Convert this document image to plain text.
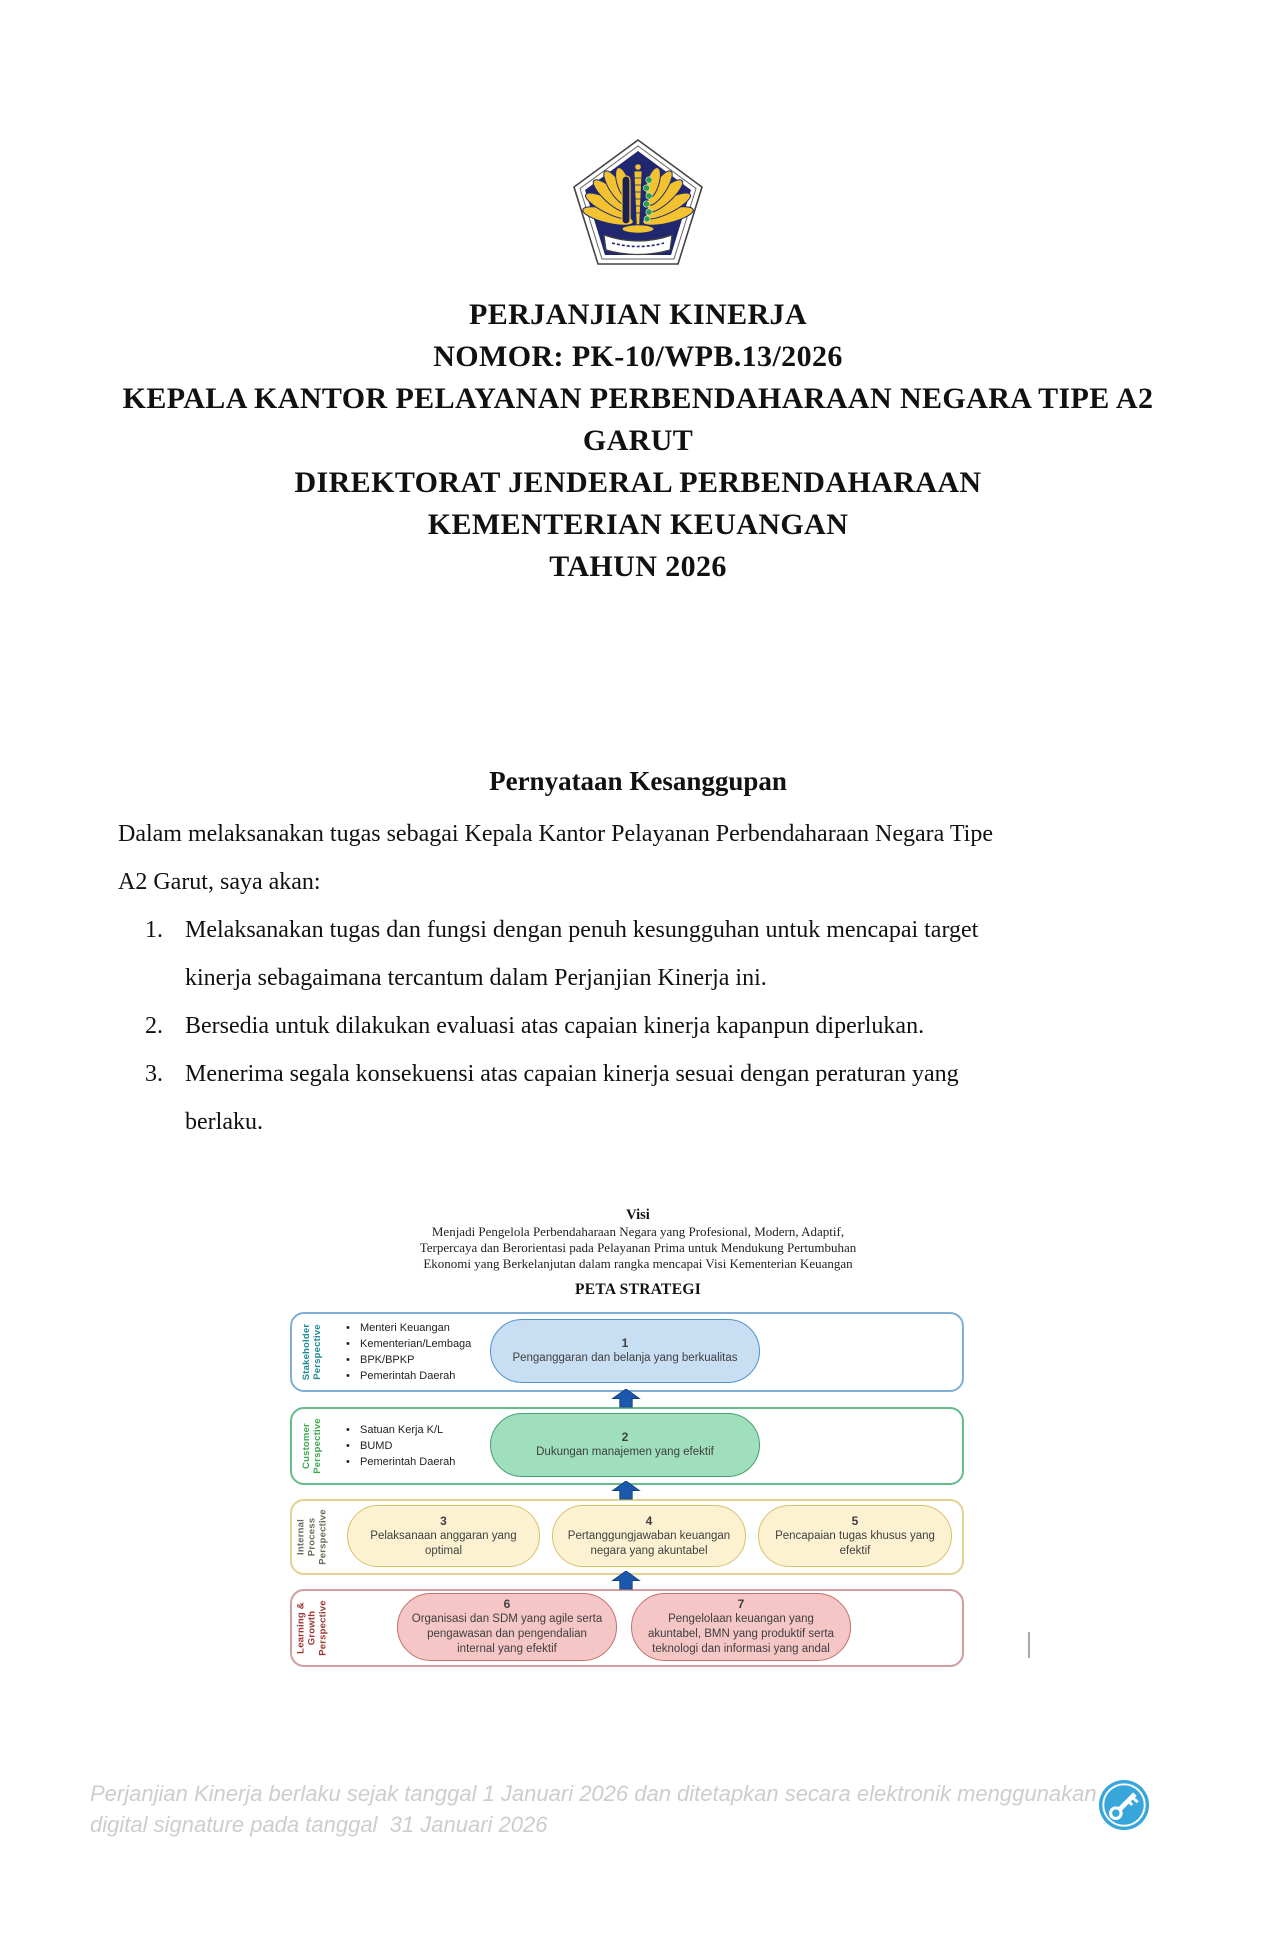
PERJANJIAN KINERJA
NOMOR: PK-10/WPB.13/2026
KEPALA KANTOR PELAYANAN PERBENDAHARAAN NEGARA TIPE A2
GARUT
DIREKTORAT JENDERAL PERBENDAHARAAN
KEMENTERIAN KEUANGAN
TAHUN 2026
Pernyataan Kesanggupan
Dalam melaksanakan tugas sebagai Kepala Kantor Pelayanan Perbendaharaan Negara Tipe
A2 Garut, saya akan:
1. Melaksanakan tugas dan fungsi dengan penuh kesungguhan untuk mencapai target
kinerja sebagaimana tercantum dalam Perjanjian Kinerja ini.
2. Bersedia untuk dilakukan evaluasi atas capaian kinerja kapanpun diperlukan.
3. Menerima segala konsekuensi atas capaian kinerja sesuai dengan peraturan yang
berlaku.
Visi
Menjadi Pengelola Perbendaharaan Negara yang Profesional, Modern, Adaptif,
Terpercaya dan Berorientasi pada Pelayanan Prima untuk Mendukung Pertumbuhan
Ekonomi yang Berkelanjutan dalam rangka mencapai Visi Kementerian Keuangan
PETA STRATEGI
Stakeholder Perspective	• Menteri Keuangan
• Kementerian/Lembaga
• BPK/BPKP
• Pemerintah Daerah
Customer Perspective	• Satuan Kerja K/L
• BUMD
• Pemerintah Daerah
Internal Process Perspective
Learning & Growth Perspective
1
Penganggaran dan belanja yang berkualitas
2
Dukungan manajemen yang efektif
3
Pelaksanaan anggaran yang
optimal
4
Pertanggungjawaban keuangan
negara yang akuntabel
5
Pencapaian tugas khusus yang
efektif
6
Organisasi dan SDM yang agile serta
pengawasan dan pengendalian
internal yang efektif
7
Pengelolaan keuangan yang
akuntabel, BMN yang produktif serta
teknologi dan informasi yang andal
Perjanjian Kinerja berlaku sejak tanggal 1 Januari 2026 dan ditetapkan secara elektronik menggunakan
digital signature pada tanggal  31 Januari 2026
